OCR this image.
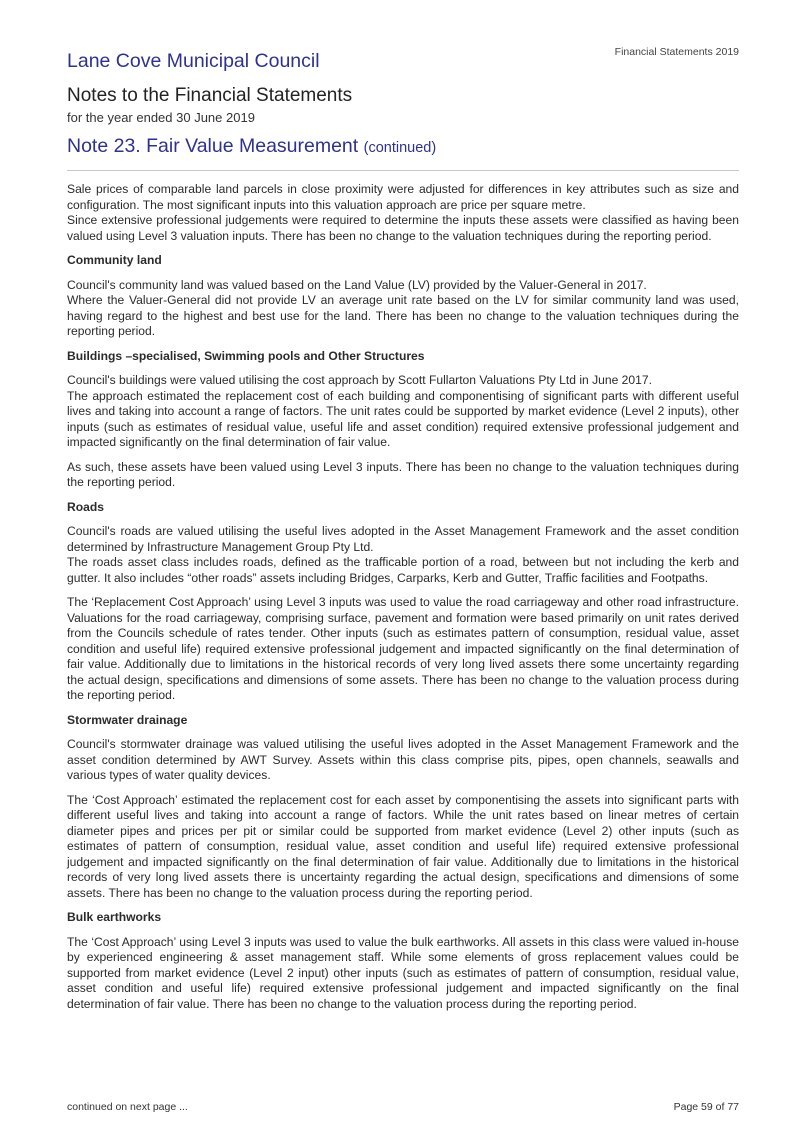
Financial Statements 2019
Lane Cove Municipal Council
Notes to the Financial Statements
for the year ended 30 June 2019
Note 23. Fair Value Measurement (continued)

Sale prices of comparable land parcels in close proximity were adjusted for differences in key attributes such as size and configuration. The most significant inputs into this valuation approach are price per square metre.
Since extensive professional judgements were required to determine the inputs these assets were classified as having been valued using Level 3 valuation inputs. There has been no change to the valuation techniques during the reporting period.

Community land

Council's community land was valued based on the Land Value (LV) provided by the Valuer-General in 2017.
Where the Valuer-General did not provide LV an average unit rate based on the LV for similar community land was used, having regard to the highest and best use for the land. There has been no change to the valuation techniques during the reporting period.

Buildings –specialised, Swimming pools and Other Structures

Council's buildings were valued utilising the cost approach by Scott Fullarton Valuations Pty Ltd in June 2017.
The approach estimated the replacement cost of each building and componentising of significant parts with different useful lives and taking into account a range of factors. The unit rates could be supported by market evidence (Level 2 inputs), other inputs (such as estimates of residual value, useful life and asset condition) required extensive professional judgement and impacted significantly on the final determination of fair value.

As such, these assets have been valued using Level 3 inputs. There has been no change to the valuation techniques during the reporting period.

Roads

Council's roads are valued utilising the useful lives adopted in the Asset Management Framework and the asset condition determined by Infrastructure Management Group Pty Ltd.
The roads asset class includes roads, defined as the trafficable portion of a road, between but not including the kerb and gutter. It also includes “other roads” assets including Bridges, Carparks, Kerb and Gutter, Traffic facilities and Footpaths.

The ‘Replacement Cost Approach’ using Level 3 inputs was used to value the road carriageway and other road infrastructure. Valuations for the road carriageway, comprising surface, pavement and formation were based primarily on unit rates derived from the Councils schedule of rates tender. Other inputs (such as estimates pattern of consumption, residual value, asset condition and useful life) required extensive professional judgement and impacted significantly on the final determination of fair value. Additionally due to limitations in the historical records of very long lived assets there some uncertainty regarding the actual design, specifications and dimensions of some assets. There has been no change to the valuation process during the reporting period.

Stormwater drainage

Council's stormwater drainage was valued utilising the useful lives adopted in the Asset Management Framework and the asset condition determined by AWT Survey. Assets within this class comprise pits, pipes, open channels, seawalls and various types of water quality devices.

The ‘Cost Approach’ estimated the replacement cost for each asset by componentising the assets into significant parts with different useful lives and taking into account a range of factors. While the unit rates based on linear metres of certain diameter pipes and prices per pit or similar could be supported from market evidence (Level 2) other inputs (such as estimates of pattern of consumption, residual value, asset condition and useful life) required extensive professional judgement and impacted significantly on the final determination of fair value. Additionally due to limitations in the historical records of very long lived assets there is uncertainty regarding the actual design, specifications and dimensions of some assets. There has been no change to the valuation process during the reporting period.

Bulk earthworks

The ‘Cost Approach’ using Level 3 inputs was used to value the bulk earthworks. All assets in this class were valued in-house by experienced engineering & asset management staff. While some elements of gross replacement values could be supported from market evidence (Level 2 input) other inputs (such as estimates of pattern of consumption, residual value, asset condition and useful life) required extensive professional judgement and impacted significantly on the final determination of fair value. There has been no change to the valuation process during the reporting period.

continued on next page ...	Page 59 of 77
